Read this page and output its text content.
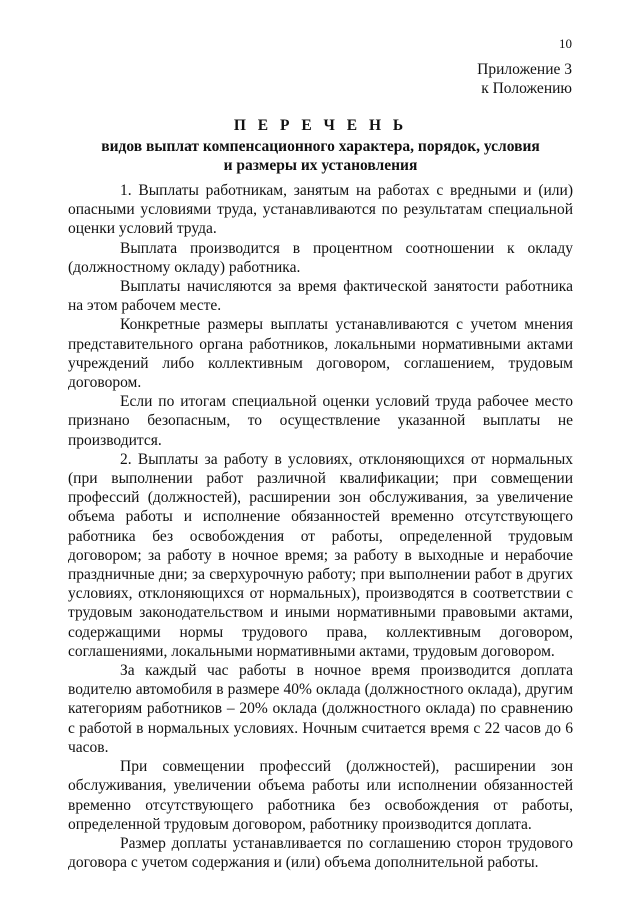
10
Приложение 3
к Положению
П Е Р Е Ч Е Н Ь
видов выплат компенсационного характера, порядок, условия
и размеры их установления

1. Выплаты работникам, занятым на работах с вредными и (или) опасными условиями труда, устанавливаются по результатам специальной оценки условий труда.

Выплата производится в процентном соотношении к окладу (должностному окладу) работника.

Выплаты начисляются за время фактической занятости работника на этом рабочем месте.

Конкретные размеры выплаты устанавливаются с учетом мнения представительного органа работников, локальными нормативными актами учреждений либо коллективным договором, соглашением, трудовым договором.

Если по итогам специальной оценки условий труда рабочее место признано безопасным, то осуществление указанной выплаты не производится.

2. Выплаты за работу в условиях, отклоняющихся от нормальных (при выполнении работ различной квалификации; при совмещении профессий (должностей), расширении зон обслуживания, за увеличение объема работы и исполнение обязанностей временно отсутствующего работника без освобождения от работы, определенной трудовым договором; за работу в ночное время; за работу в выходные и нерабочие праздничные дни; за сверхурочную работу; при выполнении работ в других условиях, отклоняющихся от нормальных), производятся в соответствии с трудовым законодательством и иными нормативными правовыми актами, содержащими нормы трудового права, коллективным договором, соглашениями, локальными нормативными актами, трудовым договором.

За каждый час работы в ночное время производится доплата водителю автомобиля в размере 40% оклада (должностного оклада), другим категориям работников – 20% оклада (должностного оклада) по сравнению с работой в нормальных условиях. Ночным считается время с 22 часов до 6 часов.

При совмещении профессий (должностей), расширении зон обслуживания, увеличении объема работы или исполнении обязанностей временно отсутствующего работника без освобождения от работы, определенной трудовым договором, работнику производится доплата.

Размер доплаты устанавливается по соглашению сторон трудового договора с учетом содержания и (или) объема дополнительной работы.
